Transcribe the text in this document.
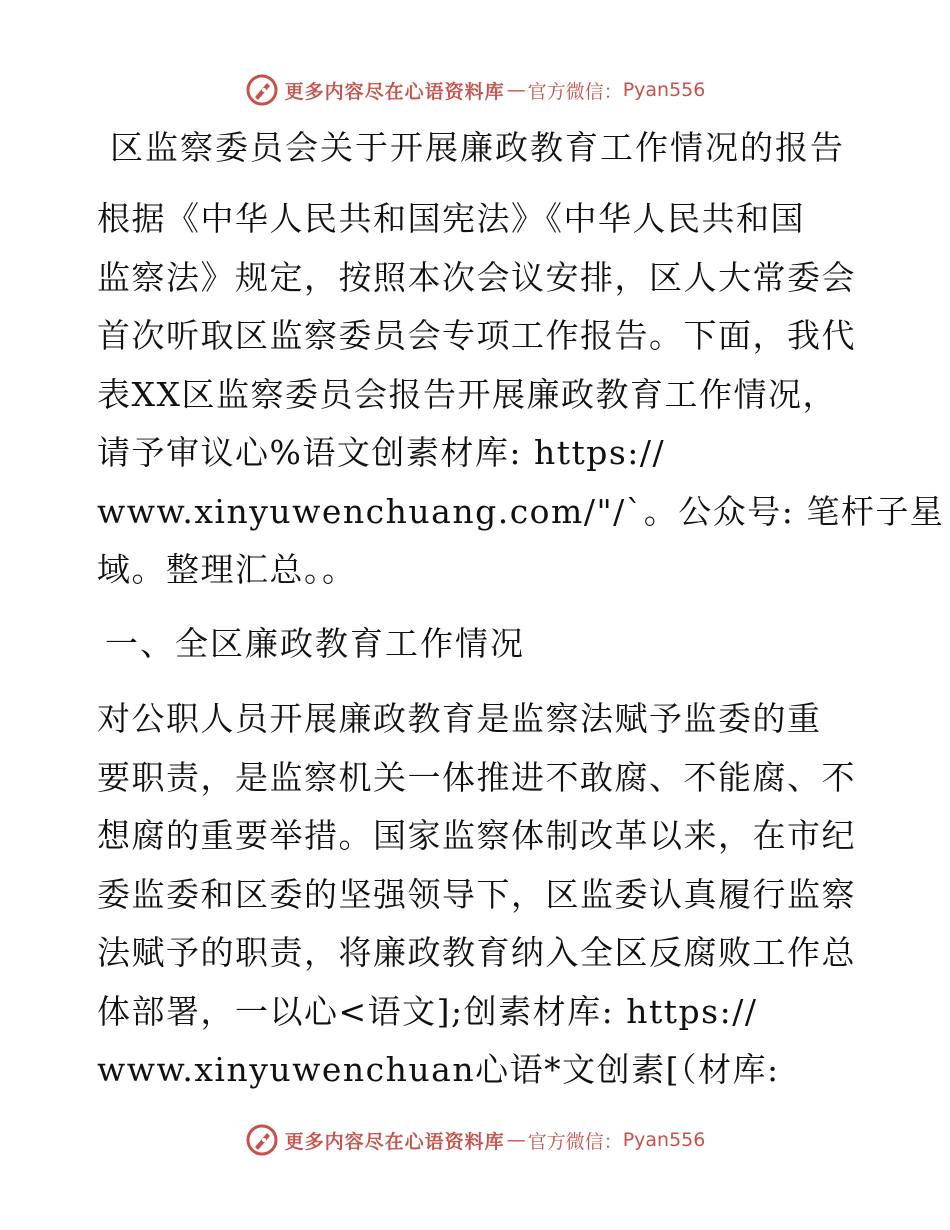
更多内容尽在心语资料库 — 官方微信： Pyan556
区监察委员会关于开展廉政教育工作情况的报告

根据《中华人民共和国宪法》《中华人民共和国
监察法》规定，按照本次会议安排，区人大常委会
首次听取区监察委员会专项工作报告。下面，我代
表XX区监察委员会报告开展廉政教育工作情况，
请予审议心%语文创素材库: https://
www.xinyuwenchuang.com/"/`。公众号: 笔杆子星
域。整理汇总。。

一、全区廉政教育工作情况

对公职人员开展廉政教育是监察法赋予监委的重
要职责，是监察机关一体推进不敢腐、不能腐、不
想腐的重要举措。国家监察体制改革以来，在市纪
委监委和区委的坚强领导下，区监委认真履行监察
法赋予的职责，将廉政教育纳入全区反腐败工作总
体部署，一以心<语文];创素材库: https://
www.xinyuwenchuan心语*文创素[（材库:

更多内容尽在心语资料库 — 官方微信： Pyan556
